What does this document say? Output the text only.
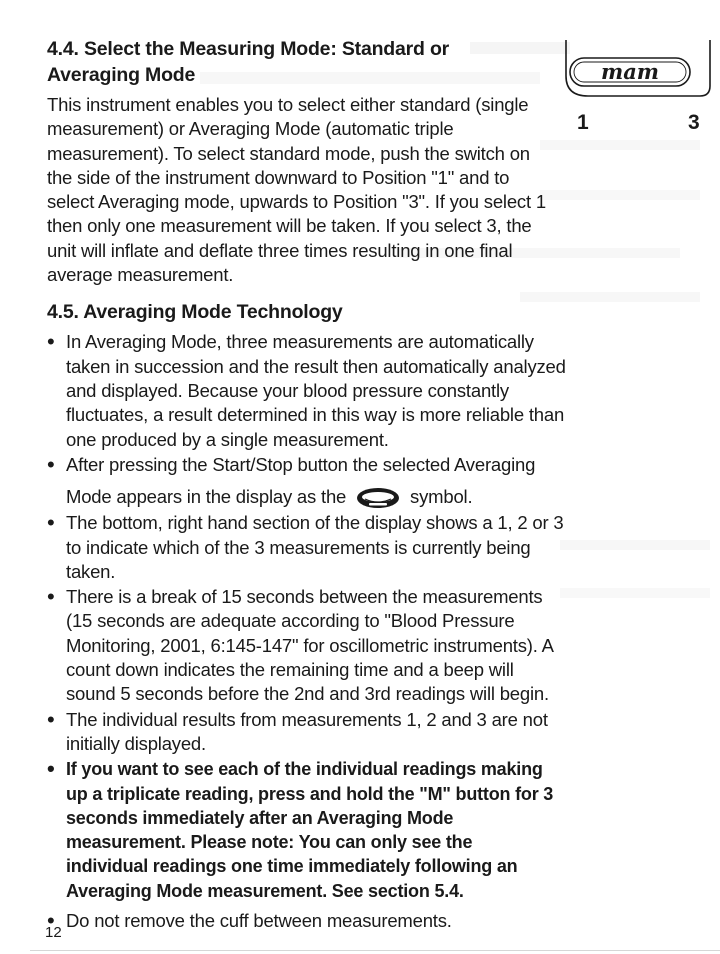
mam
1	3
4.4. Select the Measuring Mode: Standard or Averaging Mode

This instrument enables you to select either standard (single measurement) or Averaging Mode (automatic triple measurement). To select standard mode, push the switch on the side of the instrument downward to Position "1" and to select Averaging mode, upwards to Position "3". If you select 1 then only one measurement will be taken. If you select 3, the unit will inflate and deflate three times resulting in one final average measurement.

4.5. Averaging Mode Technology
• In Averaging Mode, three measurements are automatically taken in succession and the result then automatically analyzed and displayed. Because your blood pressure constantly fluctuates, a result determined in this way is more reliable than one produced by a single measurement.
• After pressing the Start/Stop button the selected Averaging
Mode appears in the display as the	symbol.
• The bottom, right hand section of the display shows a 1, 2 or 3 to indicate which of the 3 measurements is currently being taken.
• There is a break of 15 seconds between the measurements (15 seconds are adequate according to "Blood Pressure Monitoring, 2001, 6:145-147" for oscillometric instruments). A count down indicates the remaining time and a beep will sound 5 seconds before the 2nd and 3rd readings will begin.
• The individual results from measurements 1, 2 and 3 are not initially displayed.
• If you want to see each of the individual readings making up a triplicate reading, press and hold the "M" button for 3 seconds immediately after an Averaging Mode measurement. Please note: You can only see the individual readings one time immediately following an Averaging Mode measurement. See section 5.4.
• Do not remove the cuff between measurements.
12
